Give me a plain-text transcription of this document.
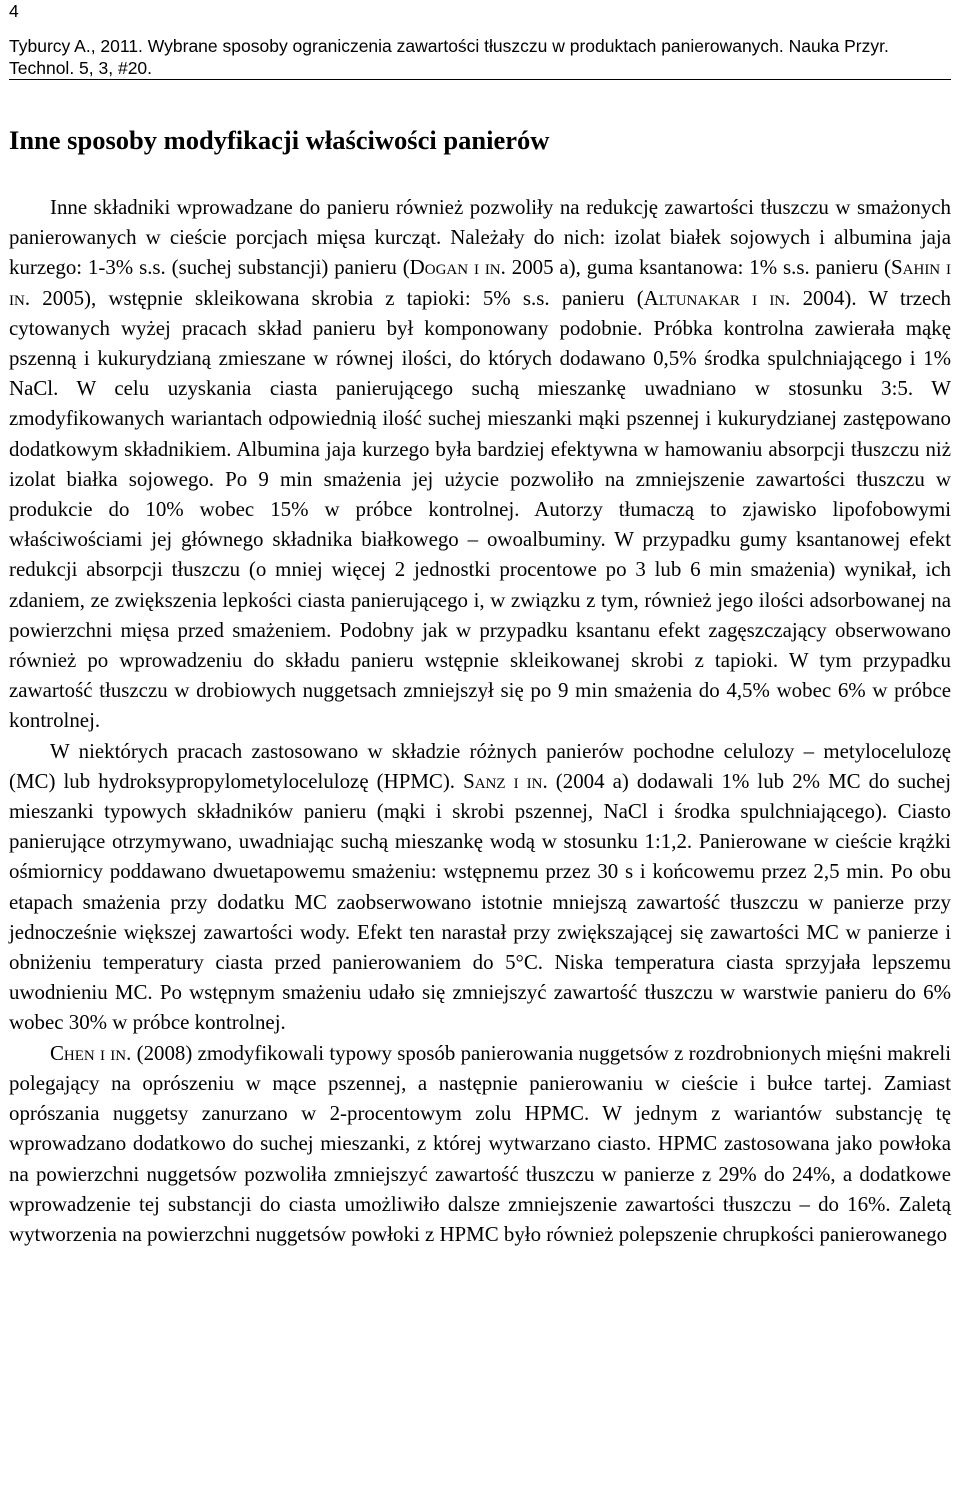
4
Tyburcy A., 2011. Wybrane sposoby ograniczenia zawartości tłuszczu w produktach panierowanych. Nauka Przyr.
Technol. 5, 3, #20.
Inne sposoby modyfikacji właściwości panierów

Inne składniki wprowadzane do panieru również pozwoliły na redukcję zawartości tłuszczu w smażonych panierowanych w cieście porcjach mięsa kurcząt. Należały do nich: izolat białek sojowych i albumina jaja kurzego: 1-3% s.s. (suchej substancji) panieru (Dogan i in. 2005 a), guma ksantanowa: 1% s.s. panieru (Sahin i in. 2005), wstępnie skleikowana skrobia z tapioki: 5% s.s. panieru (Altunakar i in. 2004). W trzech cytowanych wyżej pracach skład panieru był komponowany podobnie. Próbka kontrolna zawierała mąkę pszenną i kukurydzianą zmieszane w równej ilości, do których dodawano 0,5% środka spulchniającego i 1% NaCl. W celu uzyskania ciasta panierującego suchą mieszankę uwadniano w stosunku 3:5. W zmodyfikowanych wariantach odpowiednią ilość suchej mieszanki mąki pszennej i kukurydzianej zastępowano dodatkowym składnikiem. Albumina jaja kurzego była bardziej efektywna w hamowaniu absorpcji tłuszczu niż izolat białka sojowego. Po 9 min smażenia jej użycie pozwoliło na zmniejszenie zawartości tłuszczu w produkcie do 10% wobec 15% w próbce kontrolnej. Autorzy tłumaczą to zjawisko lipofobowymi właściwościami jej głównego składnika białkowego – owoalbuminy. W przypadku gumy ksantanowej efekt redukcji absorpcji tłuszczu (o mniej więcej 2 jednostki procentowe po 3 lub 6 min smażenia) wynikał, ich zdaniem, ze zwiększenia lepkości ciasta panierującego i, w związku z tym, również jego ilości adsorbowanej na powierzchni mięsa przed smażeniem. Podobny jak w przypadku ksantanu efekt zagęszczający obserwowano również po wprowadzeniu do składu panieru wstępnie skleikowanej skrobi z tapioki. W tym przypadku zawartość tłuszczu w drobiowych nuggetsach zmniejszył się po 9 min smażenia do 4,5% wobec 6% w próbce kontrolnej.

W niektórych pracach zastosowano w składzie różnych panierów pochodne celulozy – metylocelulozę (MC) lub hydroksypropylometylocelulozę (HPMC). Sanz i in. (2004 a) dodawali 1% lub 2% MC do suchej mieszanki typowych składników panieru (mąki i skrobi pszennej, NaCl i środka spulchniającego). Ciasto panierujące otrzymywano, uwadniając suchą mieszankę wodą w stosunku 1:1,2. Panierowane w cieście krążki ośmiornicy poddawano dwuetapowemu smażeniu: wstępnemu przez 30 s i końcowemu przez 2,5 min. Po obu etapach smażenia przy dodatku MC zaobserwowano istotnie mniejszą zawartość tłuszczu w panierze przy jednocześnie większej zawartości wody. Efekt ten narastał przy zwiększającej się zawartości MC w panierze i obniżeniu temperatury ciasta przed panierowaniem do 5°C. Niska temperatura ciasta sprzyjała lepszemu uwodnieniu MC. Po wstępnym smażeniu udało się zmniejszyć zawartość tłuszczu w warstwie panieru do 6% wobec 30% w próbce kontrolnej.

Chen i in. (2008) zmodyfikowali typowy sposób panierowania nuggetsów z rozdrobnionych mięśni makreli polegający na oprószeniu w mące pszennej, a następnie panierowaniu w cieście i bułce tartej. Zamiast oprószania nuggetsy zanurzano w 2-procentowym zolu HPMC. W jednym z wariantów substancję tę wprowadzano dodatkowo do suchej mieszanki, z której wytwarzano ciasto. HPMC zastosowana jako powłoka na powierzchni nuggetsów pozwoliła zmniejszyć zawartość tłuszczu w panierze z 29% do 24%, a dodatkowe wprowadzenie tej substancji do ciasta umożliwiło dalsze zmniejszenie zawartości tłuszczu – do 16%. Zaletą wytworzenia na powierzchni nuggetsów powłoki z HPMC było również polepszenie chrupkości panierowanego
